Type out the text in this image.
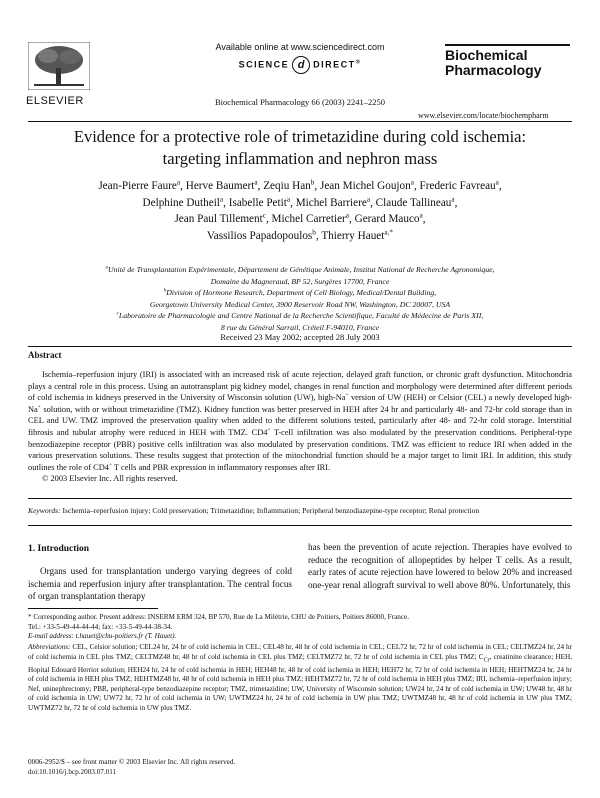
ELSEVIER
Available online at www.sciencedirect.com
SCIENCE d DIRECT®
Biochemical Pharmacology 66 (2003) 2241–2250
Biochemical
Pharmacology
www.elsevier.com/locate/biochempharm
Evidence for a protective role of trimetazidine during cold ischemia:
targeting inflammation and nephron mass
Jean-Pierre Faure$^a$, Herve Baumert$^a$, Zeqiu Han$^b$, Jean Michel Goujon$^a$, Frederic Favreau$^a$,
Delphine Dutheil$^a$, Isabelle Petit$^a$, Michel Barriere$^a$, Claude Tallineau$^a$,
Jean Paul Tillement$^c$, Michel Carretier$^a$, Gerard Mauco$^a$,
Vassilios Papadopoulos$^b$, Thierry Hauet$^{a,*}$
$^a$Unité de Transplantation Expérimentale, Département de Génétique Animale, Institut National de Recherche Agronomique,
Domaine du Magneraud, BP 52, Surgères 17700, France
$^b$Division of Hormone Research, Department of Cell Biology, Medical/Dental Building,
Georgetown University Medical Center, 3900 Reservoir Road NW, Washington, DC 20007, USA
$^c$Laboratoire de Pharmacologie and Centre National de la Recherche Scientifique, Faculté de Médecine de Paris XII,
8 rue du Général Sarrail, Créteil F-94010, France
Received 23 May 2002; accepted 28 July 2003
Abstract

Ischemia–reperfusion injury (IRI) is associated with an increased risk of acute rejection, delayed graft function, or chronic graft dysfunction. Mitochondria plays a central role in this process. Using an autotransplant pig kidney model, changes in renal function and morphology were determined after different periods of cold ischemia in kidneys preserved in the University of Wisconsin solution (UW), high-Na+ version of UW (HEH) or Celsior (CEL) a newly developed high-Na+ solution, with or without trimetazidine (TMZ). Kidney function was better preserved in HEH after 24 hr and particularly 48- and 72-hr cold storage than in CEL and UW. TMZ improved the preservation quality when added to the different solutions tested, particularly after 48- and 72-hr cold storage. Interstitial fibrosis and tubular atrophy were reduced in HEH with TMZ. CD4+ T-cell infiltration was also modulated by the preservation conditions. Peripheral-type benzodiazepine receptor (PBR) positive cells infiltration was also modulated by preservation conditions. TMZ was efficient to reduce IRI when added in the various preservation solutions. These results suggest that protection of the mitochondrial function should be a major target to limit IRI. In addition, this study outlines the role of CD4+ T cells and PBR expression in inflammatory responses after IRI.

© 2003 Elsevier Inc. All rights reserved.

Keywords: Ischemia–reperfusion injury; Cold preservation; Trimetazidine; Inflammation; Peripheral benzodiazepine-type receptor; Renal protection
1. Introduction
Organs used for transplantation undergo varying degrees of cold ischemia and reperfusion injury after transplantation. The central focus of organ transplantation therapy
has been the prevention of acute rejection. Therapies have evolved to reduce the recognition of allopeptides by helper T cells. As a result, early rates of acute rejection have lowered to below 20% and increased one-year renal allograft survival to well above 80%. Unfortunately, this
* Corresponding author. Present address: INSERM ERM 324, BP 570, Rue de La Milétrie, CHU de Poitiers, Poitiers 86000, France.
Tel.: +33-5-49-44-44-44; fax: +33-5-49-44-38-34.
E-mail address: t.hauet@chu-poitiers.fr (T. Hauet).
Abbreviations: CEL, Celsior solution; CEL24 hr, 24 hr of cold ischemia in CEL; CEL48 hr, 48 hr of cold ischemia in CEL; CEL72 hr, 72 hr of cold ischemia in CEL; CELTMZ24 hr, 24 hr of cold ischemia in CEL plus TMZ; CELTMZ48 hr, 48 hr of cold ischemia in CEL plus TMZ; CELTMZ72 hr, 72 hr of cold ischemia in CEL plus TMZ; $C_{Cr}$, creatinine clearance; HEH, Hopital Edouard Herriot solution; HEH24 hr, 24 hr of cold ischemia in HEH; HEH48 hr, 48 hr of cold ischemia in HEH; HEH72 hr, 72 hr of cold ischemia in HEH; HEHTMZ24 hr, 24 hr of cold ischemia in HEH plus TMZ; HEHTMZ48 hr, 48 hr of cold ischemia in HEH plus TMZ; HEHTMZ72 hr, 72 hr of cold ischemia in HEH plus TMZ; IRI, ischemia–reperfusion injury; Nef, uninephrectomy; PBR, peripheral-type benzodiazepine receptor; TMZ, trimetazidine; UW, University of Wisconsin solution; UW24 hr, 24 hr of cold ischemia in UW; UW48 hr, 48 hr of cold ischemia in UW; UW72 hr, 72 hr of cold ischemia in UW; UWTMZ24 hr, 24 hr of cold ischemia in UW plus TMZ; UWTMZ48 hr, 48 hr of cold ischemia in UW plus TMZ; UWTMZ72 hr, 72 hr of cold ischemia in UW plus TMZ.
0006-2952/$ – see front matter © 2003 Elsevier Inc. All rights reserved.
doi:10.1016/j.bcp.2003.07.011
